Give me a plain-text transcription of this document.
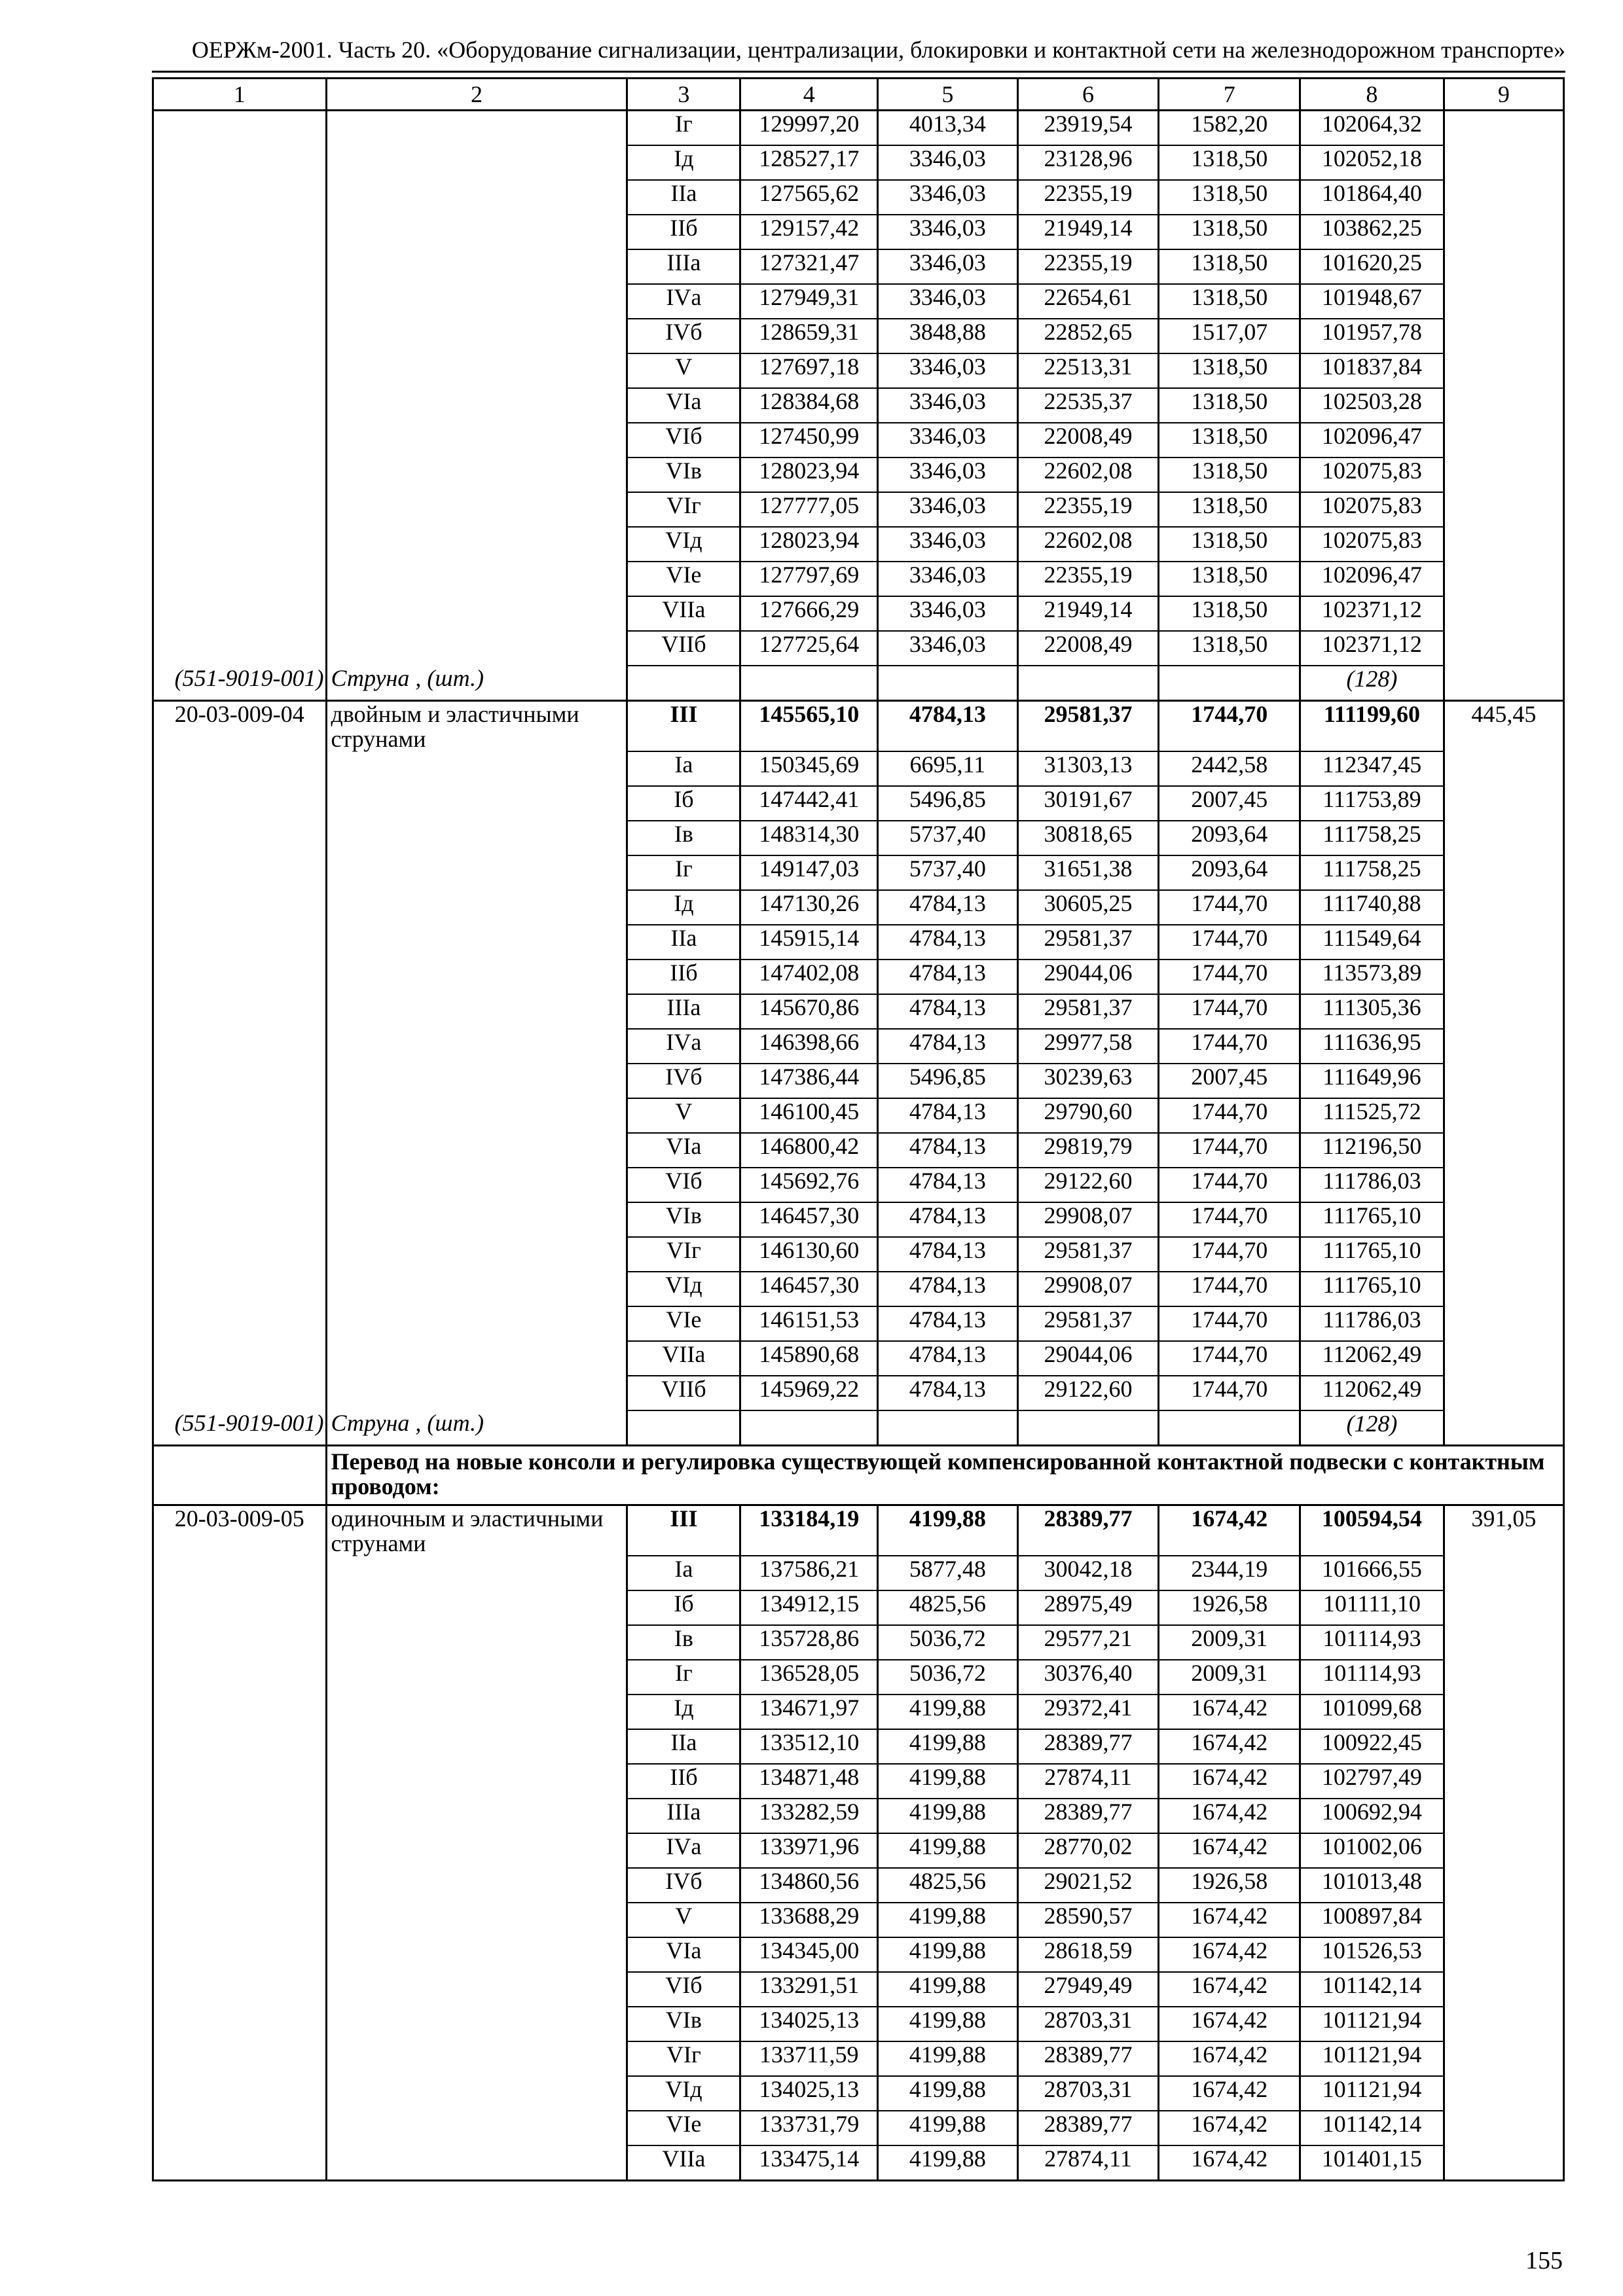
ОЕРЖм-2001. Часть 20. «Оборудование сигнализации, централизации, блокировки и контактной сети на железнодорожном транспорте»
1	2	3	4	5	6	7	8	9
		Iг	129997,20	4013,34	23919,54	1582,20	102064,32	
		Iд	128527,17	3346,03	23128,96	1318,50	102052,18	
		IIа	127565,62	3346,03	22355,19	1318,50	101864,40	
		IIб	129157,42	3346,03	21949,14	1318,50	103862,25	
		IIIа	127321,47	3346,03	22355,19	1318,50	101620,25	
		IVа	127949,31	3346,03	22654,61	1318,50	101948,67	
		IVб	128659,31	3848,88	22852,65	1517,07	101957,78	
		V	127697,18	3346,03	22513,31	1318,50	101837,84	
		VIа	128384,68	3346,03	22535,37	1318,50	102503,28	
		VIб	127450,99	3346,03	22008,49	1318,50	102096,47	
		VIв	128023,94	3346,03	22602,08	1318,50	102075,83	
		VIг	127777,05	3346,03	22355,19	1318,50	102075,83	
		VIд	128023,94	3346,03	22602,08	1318,50	102075,83	
		VIе	127797,69	3346,03	22355,19	1318,50	102096,47	
		VIIа	127666,29	3346,03	21949,14	1318,50	102371,12	
		VIIб	127725,64	3346,03	22008,49	1318,50	102371,12	
(551-9019-001)	Струна , (шт.)						(128)	
20-03-009-04	двойным и эластичными струнами	III	145565,10	4784,13	29581,37	1744,70	111199,60	445,45
		Iа	150345,69	6695,11	31303,13	2442,58	112347,45	
		Iб	147442,41	5496,85	30191,67	2007,45	111753,89	
		Iв	148314,30	5737,40	30818,65	2093,64	111758,25	
		Iг	149147,03	5737,40	31651,38	2093,64	111758,25	
		Iд	147130,26	4784,13	30605,25	1744,70	111740,88	
		IIа	145915,14	4784,13	29581,37	1744,70	111549,64	
		IIб	147402,08	4784,13	29044,06	1744,70	113573,89	
		IIIа	145670,86	4784,13	29581,37	1744,70	111305,36	
		IVа	146398,66	4784,13	29977,58	1744,70	111636,95	
		IVб	147386,44	5496,85	30239,63	2007,45	111649,96	
		V	146100,45	4784,13	29790,60	1744,70	111525,72	
		VIа	146800,42	4784,13	29819,79	1744,70	112196,50	
		VIб	145692,76	4784,13	29122,60	1744,70	111786,03	
		VIв	146457,30	4784,13	29908,07	1744,70	111765,10	
		VIг	146130,60	4784,13	29581,37	1744,70	111765,10	
		VIд	146457,30	4784,13	29908,07	1744,70	111765,10	
		VIе	146151,53	4784,13	29581,37	1744,70	111786,03	
		VIIа	145890,68	4784,13	29044,06	1744,70	112062,49	
		VIIб	145969,22	4784,13	29122,60	1744,70	112062,49	
(551-9019-001)	Струна , (шт.)						(128)	
	Перевод на новые консоли и регулировка существующей компенсированной контактной подвески с контактным проводом:							
20-03-009-05	одиночным и эластичными струнами	III	133184,19	4199,88	28389,77	1674,42	100594,54	391,05
		Iа	137586,21	5877,48	30042,18	2344,19	101666,55	
		Iб	134912,15	4825,56	28975,49	1926,58	101111,10	
		Iв	135728,86	5036,72	29577,21	2009,31	101114,93	
		Iг	136528,05	5036,72	30376,40	2009,31	101114,93	
		Iд	134671,97	4199,88	29372,41	1674,42	101099,68	
		IIа	133512,10	4199,88	28389,77	1674,42	100922,45	
		IIб	134871,48	4199,88	27874,11	1674,42	102797,49	
		IIIа	133282,59	4199,88	28389,77	1674,42	100692,94	
		IVа	133971,96	4199,88	28770,02	1674,42	101002,06	
		IVб	134860,56	4825,56	29021,52	1926,58	101013,48	
		V	133688,29	4199,88	28590,57	1674,42	100897,84	
		VIа	134345,00	4199,88	28618,59	1674,42	101526,53	
		VIб	133291,51	4199,88	27949,49	1674,42	101142,14	
		VIв	134025,13	4199,88	28703,31	1674,42	101121,94	
		VIг	133711,59	4199,88	28389,77	1674,42	101121,94	
		VIд	134025,13	4199,88	28703,31	1674,42	101121,94	
		VIе	133731,79	4199,88	28389,77	1674,42	101142,14	
		VIIа	133475,14	4199,88	27874,11	1674,42	101401,15	
155
